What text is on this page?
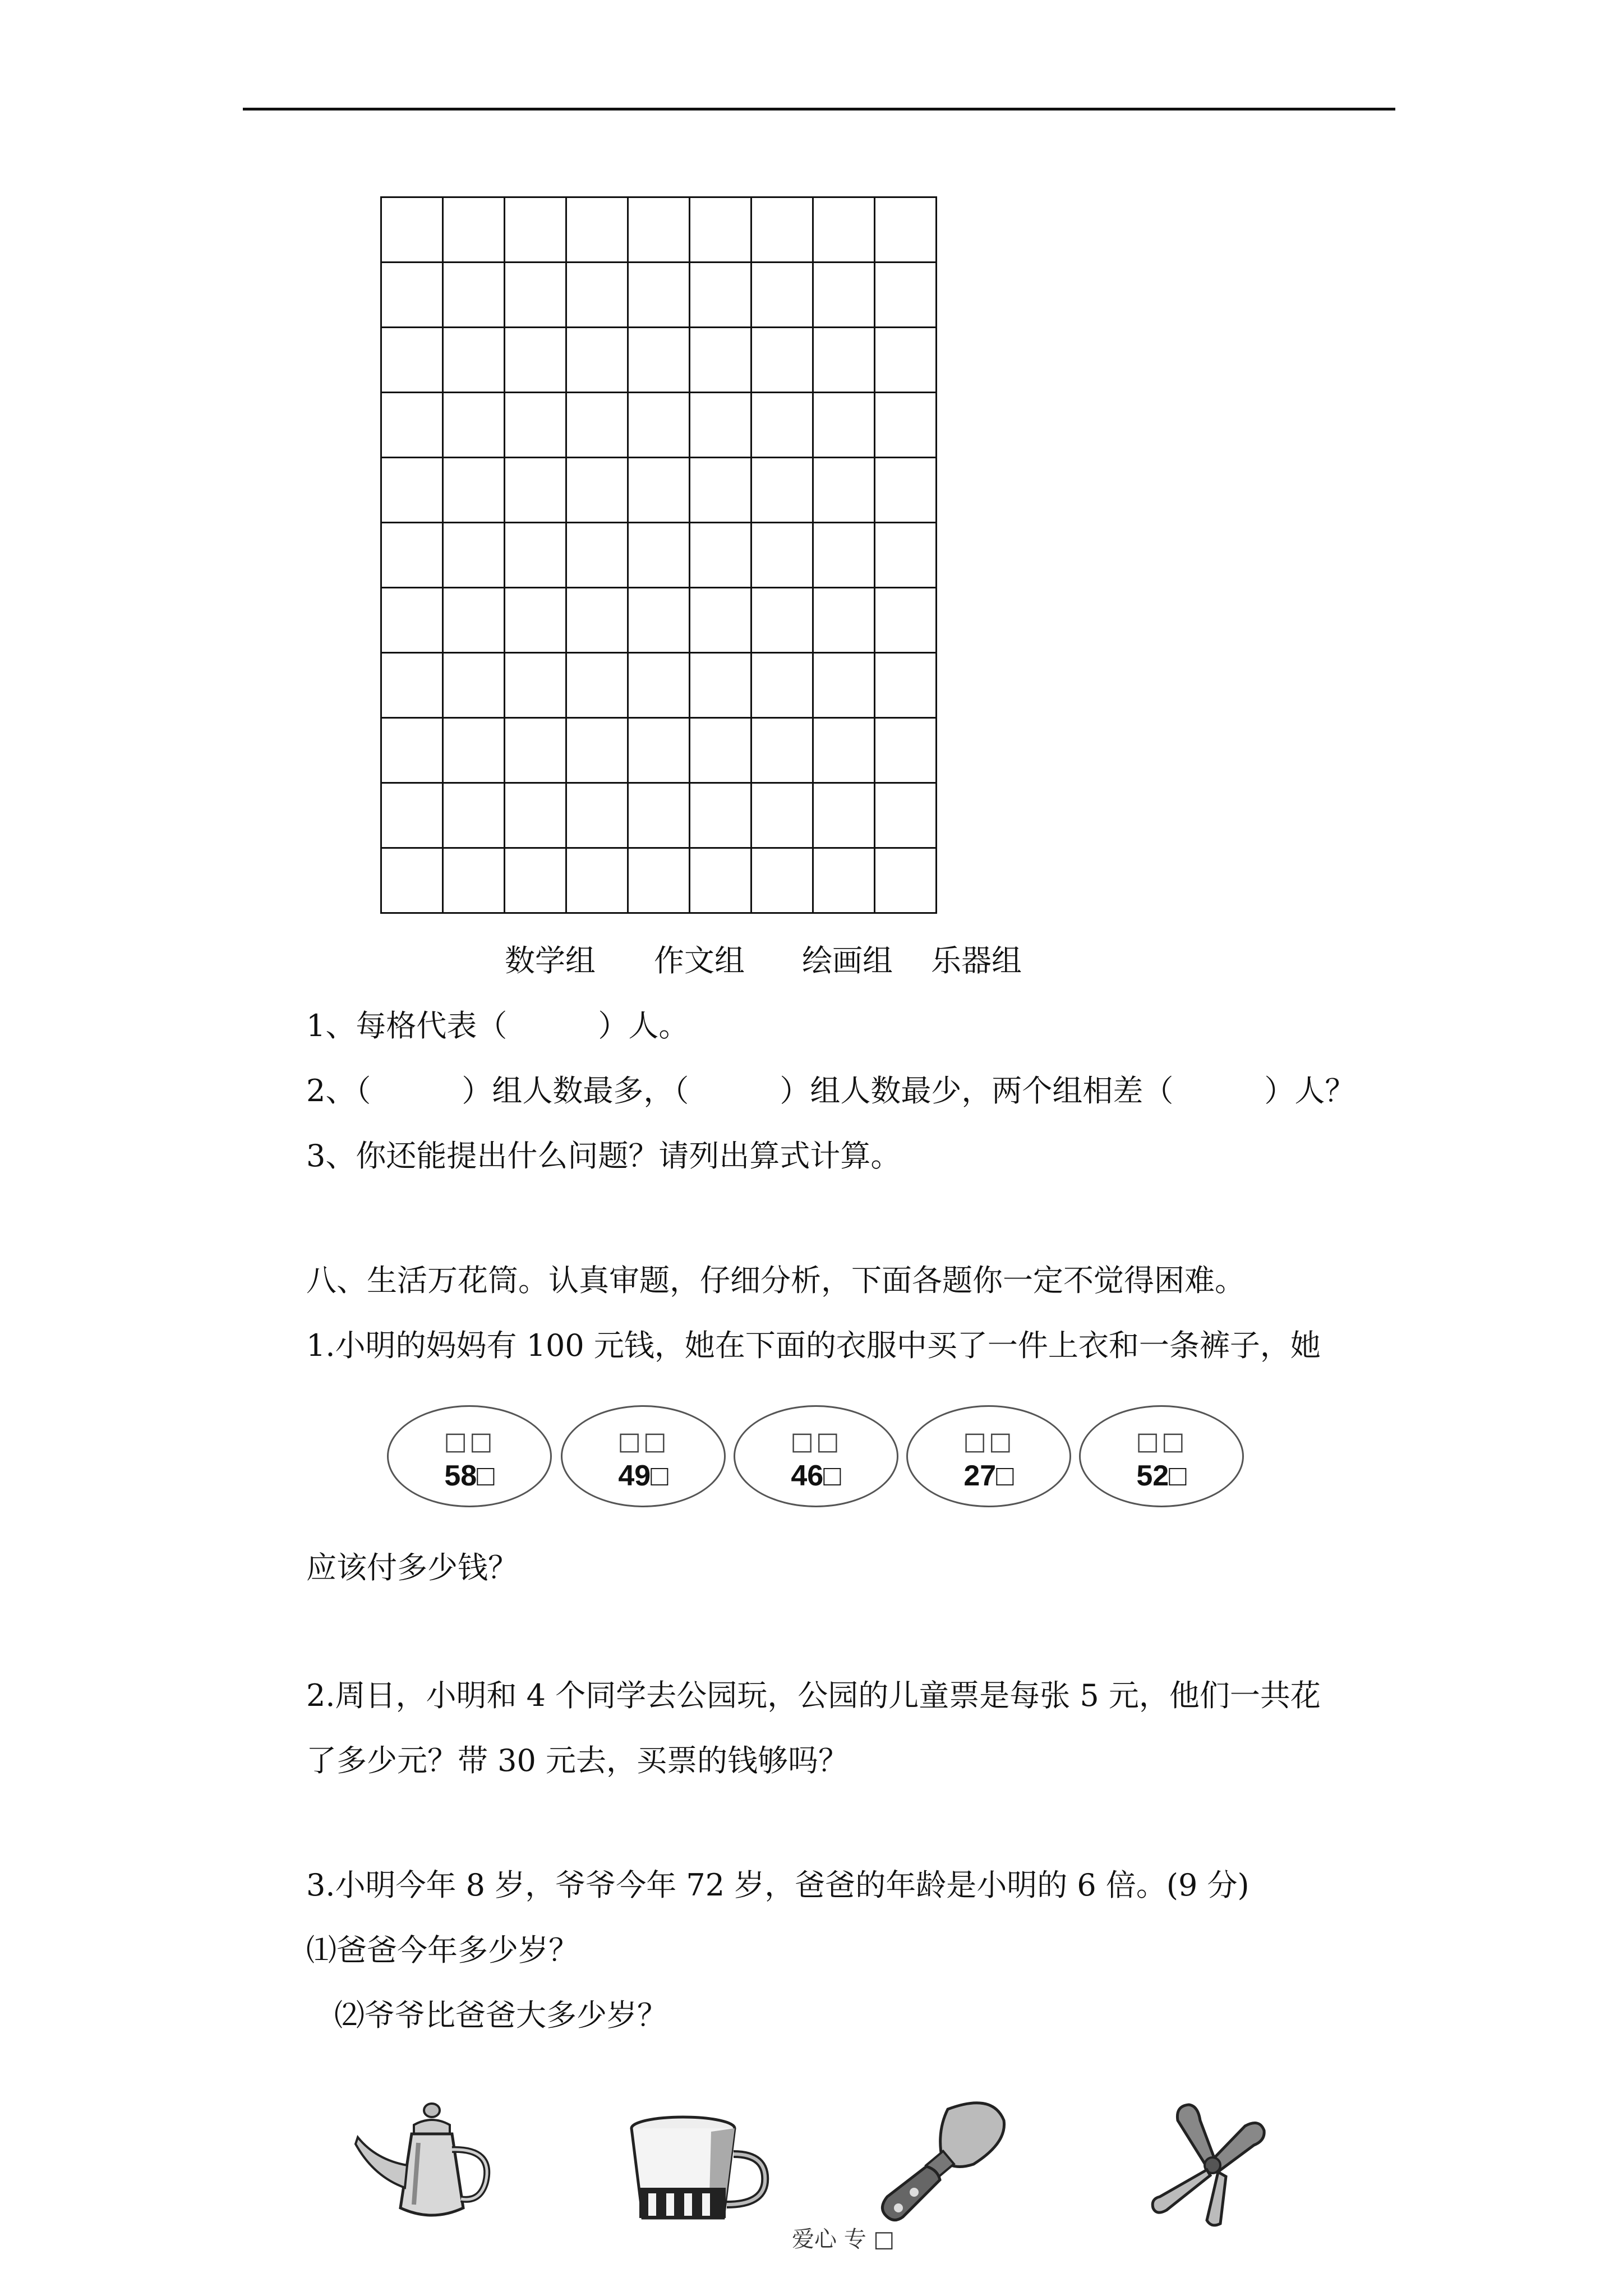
数学组 作文组 绘画组 乐器组
1、每格代表（　　　）人。
2、（　　　）组人数最多，（　　　）组人数最少，两个组相差（　　　）人？
3、你还能提出什么问题？请列出算式计算。
八、生活万花筒。认真审题，仔细分析，下面各题你一定不觉得困难。
1.小明的妈妈有 100 元钱，她在下面的衣服中买了一件上衣和一条裤子，她
□□
58□
□□
49□
□□
46□
□□
27□
□□
52□
应该付多少钱？
2.周日，小明和 4 个同学去公园玩，公园的儿童票是每张 5 元，他们一共花
了多少元？带 30 元去，买票的钱够吗？
3.小明今年 8 岁，爷爷今年 72 岁，爸爸的年龄是小明的 6 倍。(9 分)
⑴爸爸今年多少岁？
⑵爷爷比爸爸大多少岁？
爱心 专 □
